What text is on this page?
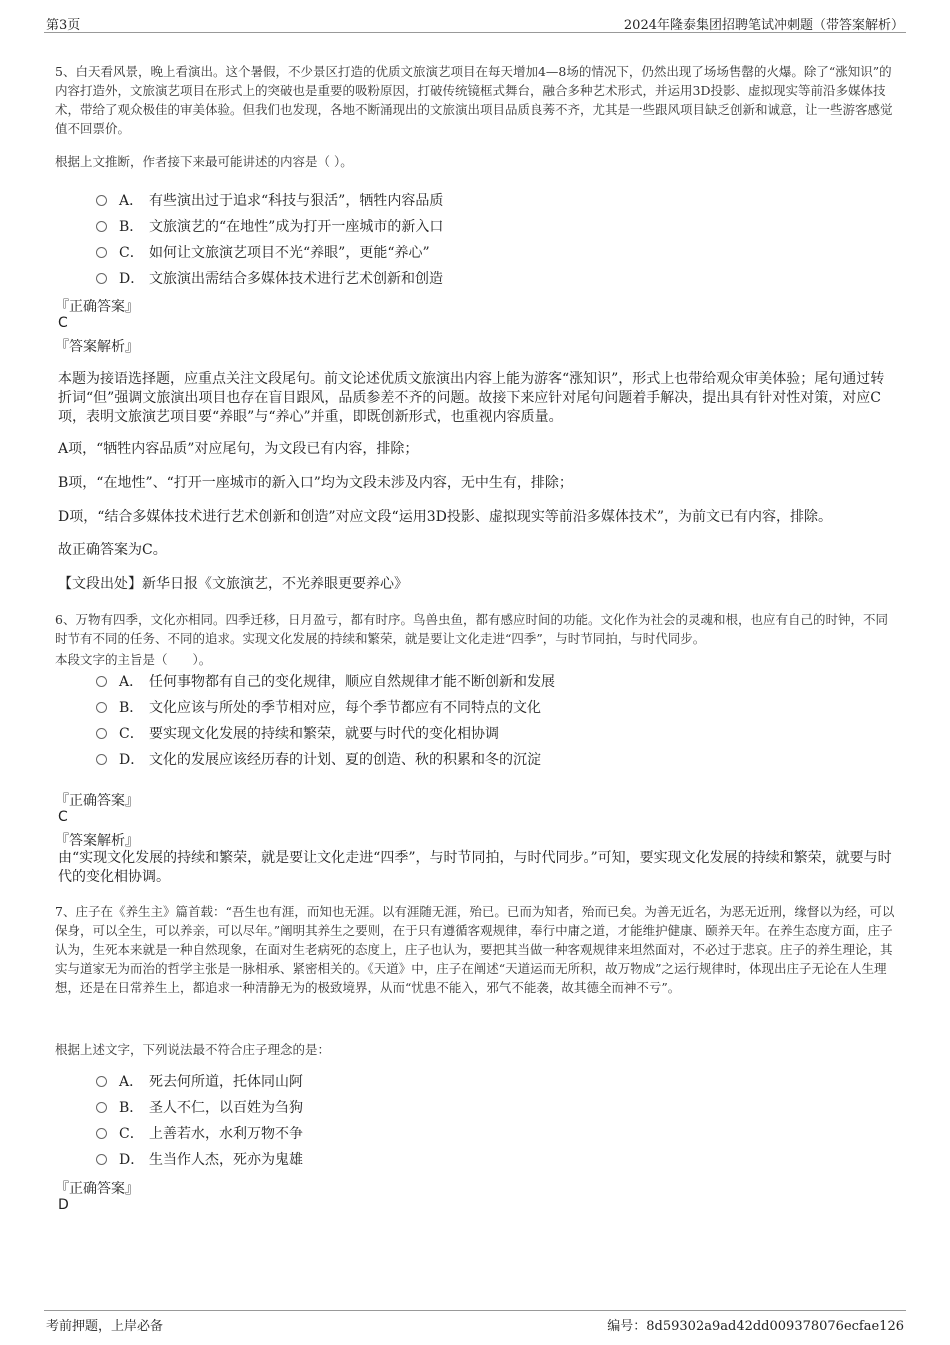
第3页	2024年隆泰集团招聘笔试冲刺题（带答案解析）

5、白天看风景，晚上看演出。这个暑假，不少景区打造的优质文旅演艺项目在每天增加4—8场的情况下，仍然出现了场场售罄的火爆。除了“涨知识”的内容打造外，文旅演艺项目在形式上的突破也是重要的吸粉原因，打破传统镜框式舞台，融合多种艺术形式，并运用3D投影、虚拟现实等前沿多媒体技术，带给了观众极佳的审美体验。但我们也发现，各地不断涌现出的文旅演出项目品质良莠不齐，尤其是一些跟风项目缺乏创新和诚意，让一些游客感觉值不回票价。

根据上文推断，作者接下来最可能讲述的内容是（ ）。

A． 有些演出过于追求“科技与狠活”，牺牲内容品质
B． 文旅演艺的“在地性”成为打开一座城市的新入口
C． 如何让文旅演艺项目不光“养眼”，更能“养心”
D． 文旅演出需结合多媒体技术进行艺术创新和创造
『正确答案』
C
『答案解析』

本题为接语选择题，应重点关注文段尾句。前文论述优质文旅演出内容上能为游客“涨知识”，形式上也带给观众审美体验；尾句通过转折词“但”强调文旅演出项目也存在盲目跟风，品质参差不齐的问题。故接下来应针对尾句问题着手解决，提出具有针对性对策，对应C项，表明文旅演艺项目要“养眼”与“养心”并重，即既创新形式，也重视内容质量。

A项，“牺牲内容品质”对应尾句，为文段已有内容，排除；

B项，“在地性”、“打开一座城市的新入口”均为文段未涉及内容，无中生有，排除；

D项，“结合多媒体技术进行艺术创新和创造”对应文段“运用3D投影、虚拟现实等前沿多媒体技术”，为前文已有内容，排除。

故正确答案为C。

【文段出处】新华日报《文旅演艺，不光养眼更要养心》

6、万物有四季，文化亦相同。四季迁移，日月盈亏，都有时序。鸟兽虫鱼，都有感应时间的功能。文化作为社会的灵魂和根，也应有自己的时钟，不同时节有不同的任务、不同的追求。实现文化发展的持续和繁荣，就是要让文化走进“四季”，与时节同拍，与时代同步。

本段文字的主旨是（　　）。

A． 任何事物都有自己的变化规律，顺应自然规律才能不断创新和发展
B． 文化应该与所处的季节相对应，每个季节都应有不同特点的文化
C． 要实现文化发展的持续和繁荣，就要与时代的变化相协调
D． 文化的发展应该经历春的计划、夏的创造、秋的积累和冬的沉淀
『正确答案』
C
『答案解析』

由“实现文化发展的持续和繁荣，就是要让文化走进“四季”，与时节同拍，与时代同步。”可知，要实现文化发展的持续和繁荣，就要与时代的变化相协调。

7、庄子在《养生主》篇首载：“吾生也有涯，而知也无涯。以有涯随无涯，殆已。已而为知者，殆而已矣。为善无近名，为恶无近刑，缘督以为经，可以保身，可以全生，可以养亲，可以尽年。”阐明其养生之要则，在于只有遵循客观规律，奉行中庸之道，才能维护健康、颐养天年。在养生态度方面，庄子认为，生死本来就是一种自然现象，在面对生老病死的态度上，庄子也认为，要把其当做一种客观规律来坦然面对，不必过于悲哀。庄子的养生理论，其实与道家无为而治的哲学主张是一脉相承、紧密相关的。《天道》中，庄子在阐述“天道运而无所积，故万物成”之运行规律时，体现出庄子无论在人生理想，还是在日常养生上，都追求一种清静无为的极致境界，从而“忧患不能入，邪气不能袭，故其德全而神不亏”。

根据上述文字，下列说法最不符合庄子理念的是：

A． 死去何所道，托体同山阿
B． 圣人不仁，以百姓为刍狗
C． 上善若水，水利万物不争
D． 生当作人杰，死亦为鬼雄
『正确答案』
D
考前押题，上岸必备	编号：8d59302a9ad42dd009378076ecfae126
